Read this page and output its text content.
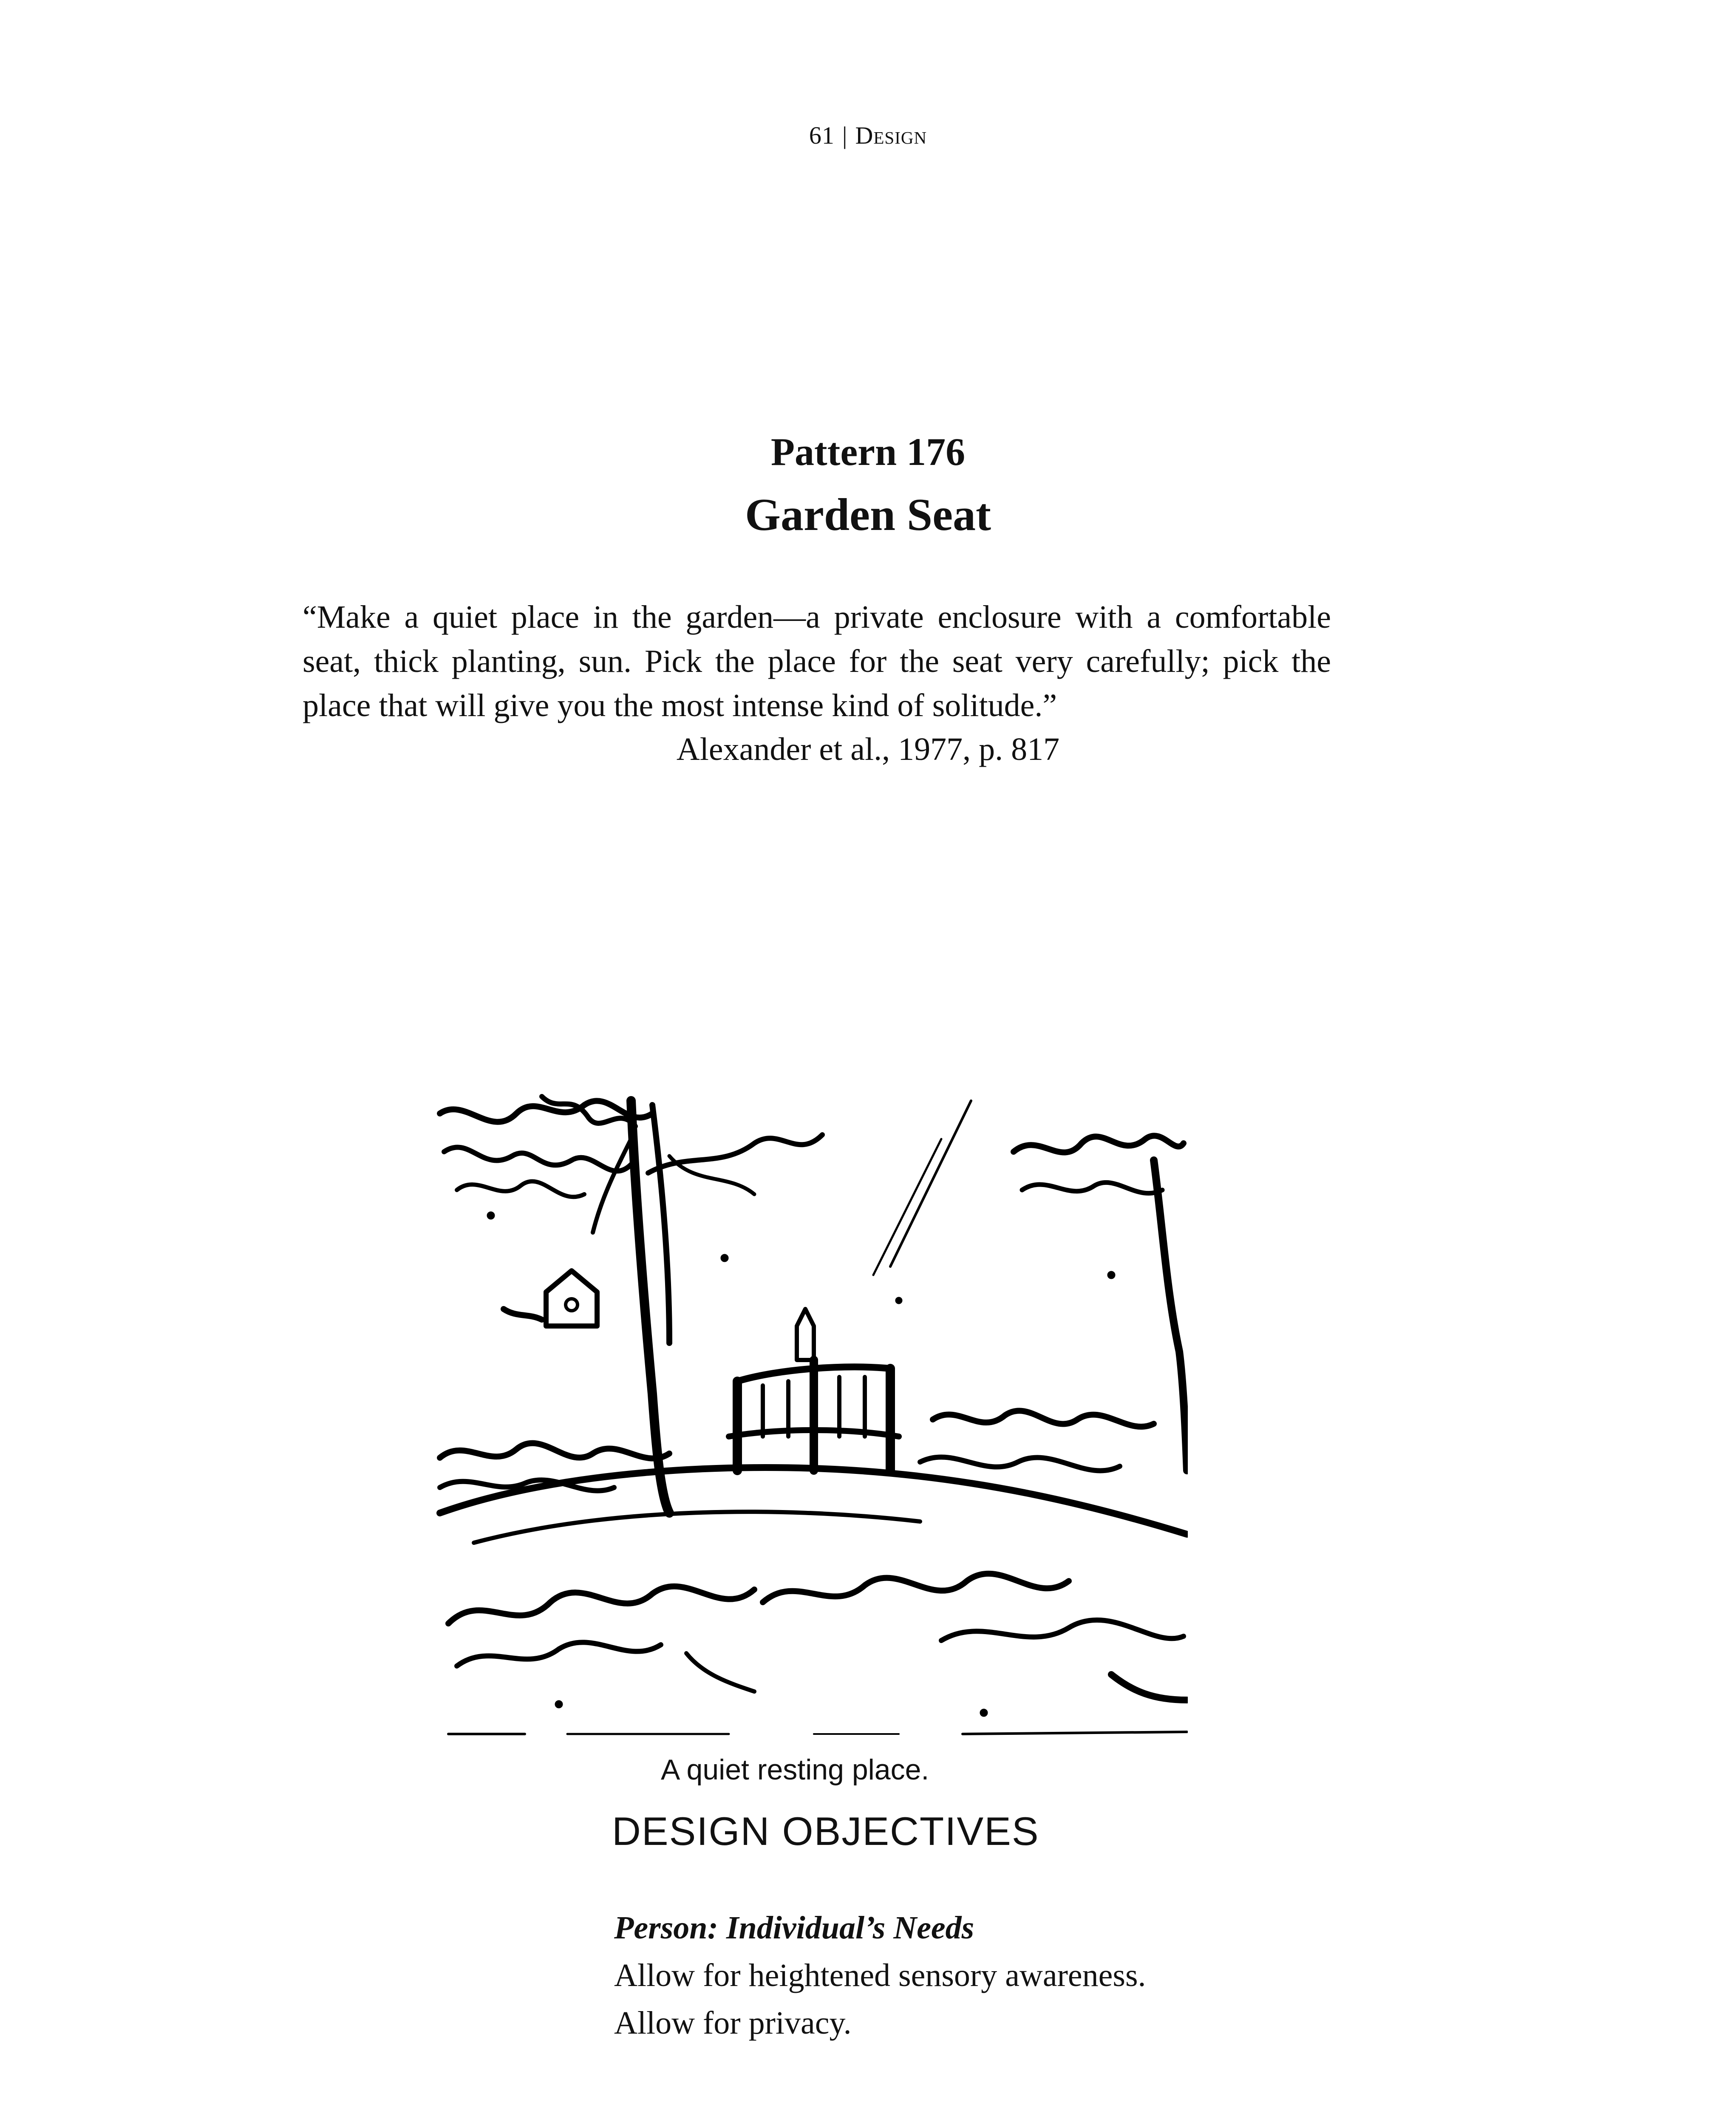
61 | Design
Pattern 176
Garden Seat
“Make a quiet place in the garden—a private enclosure with a comfortable seat, thick planting, sun. Pick the place for the seat very carefully; pick the place that will give you the most intense kind of solitude.”
Alexander et al., 1977, p. 817
A quiet resting place.
DESIGN OBJECTIVES
Person: Individual’s Needs
Allow for heightened sensory awareness.
Allow for privacy.
